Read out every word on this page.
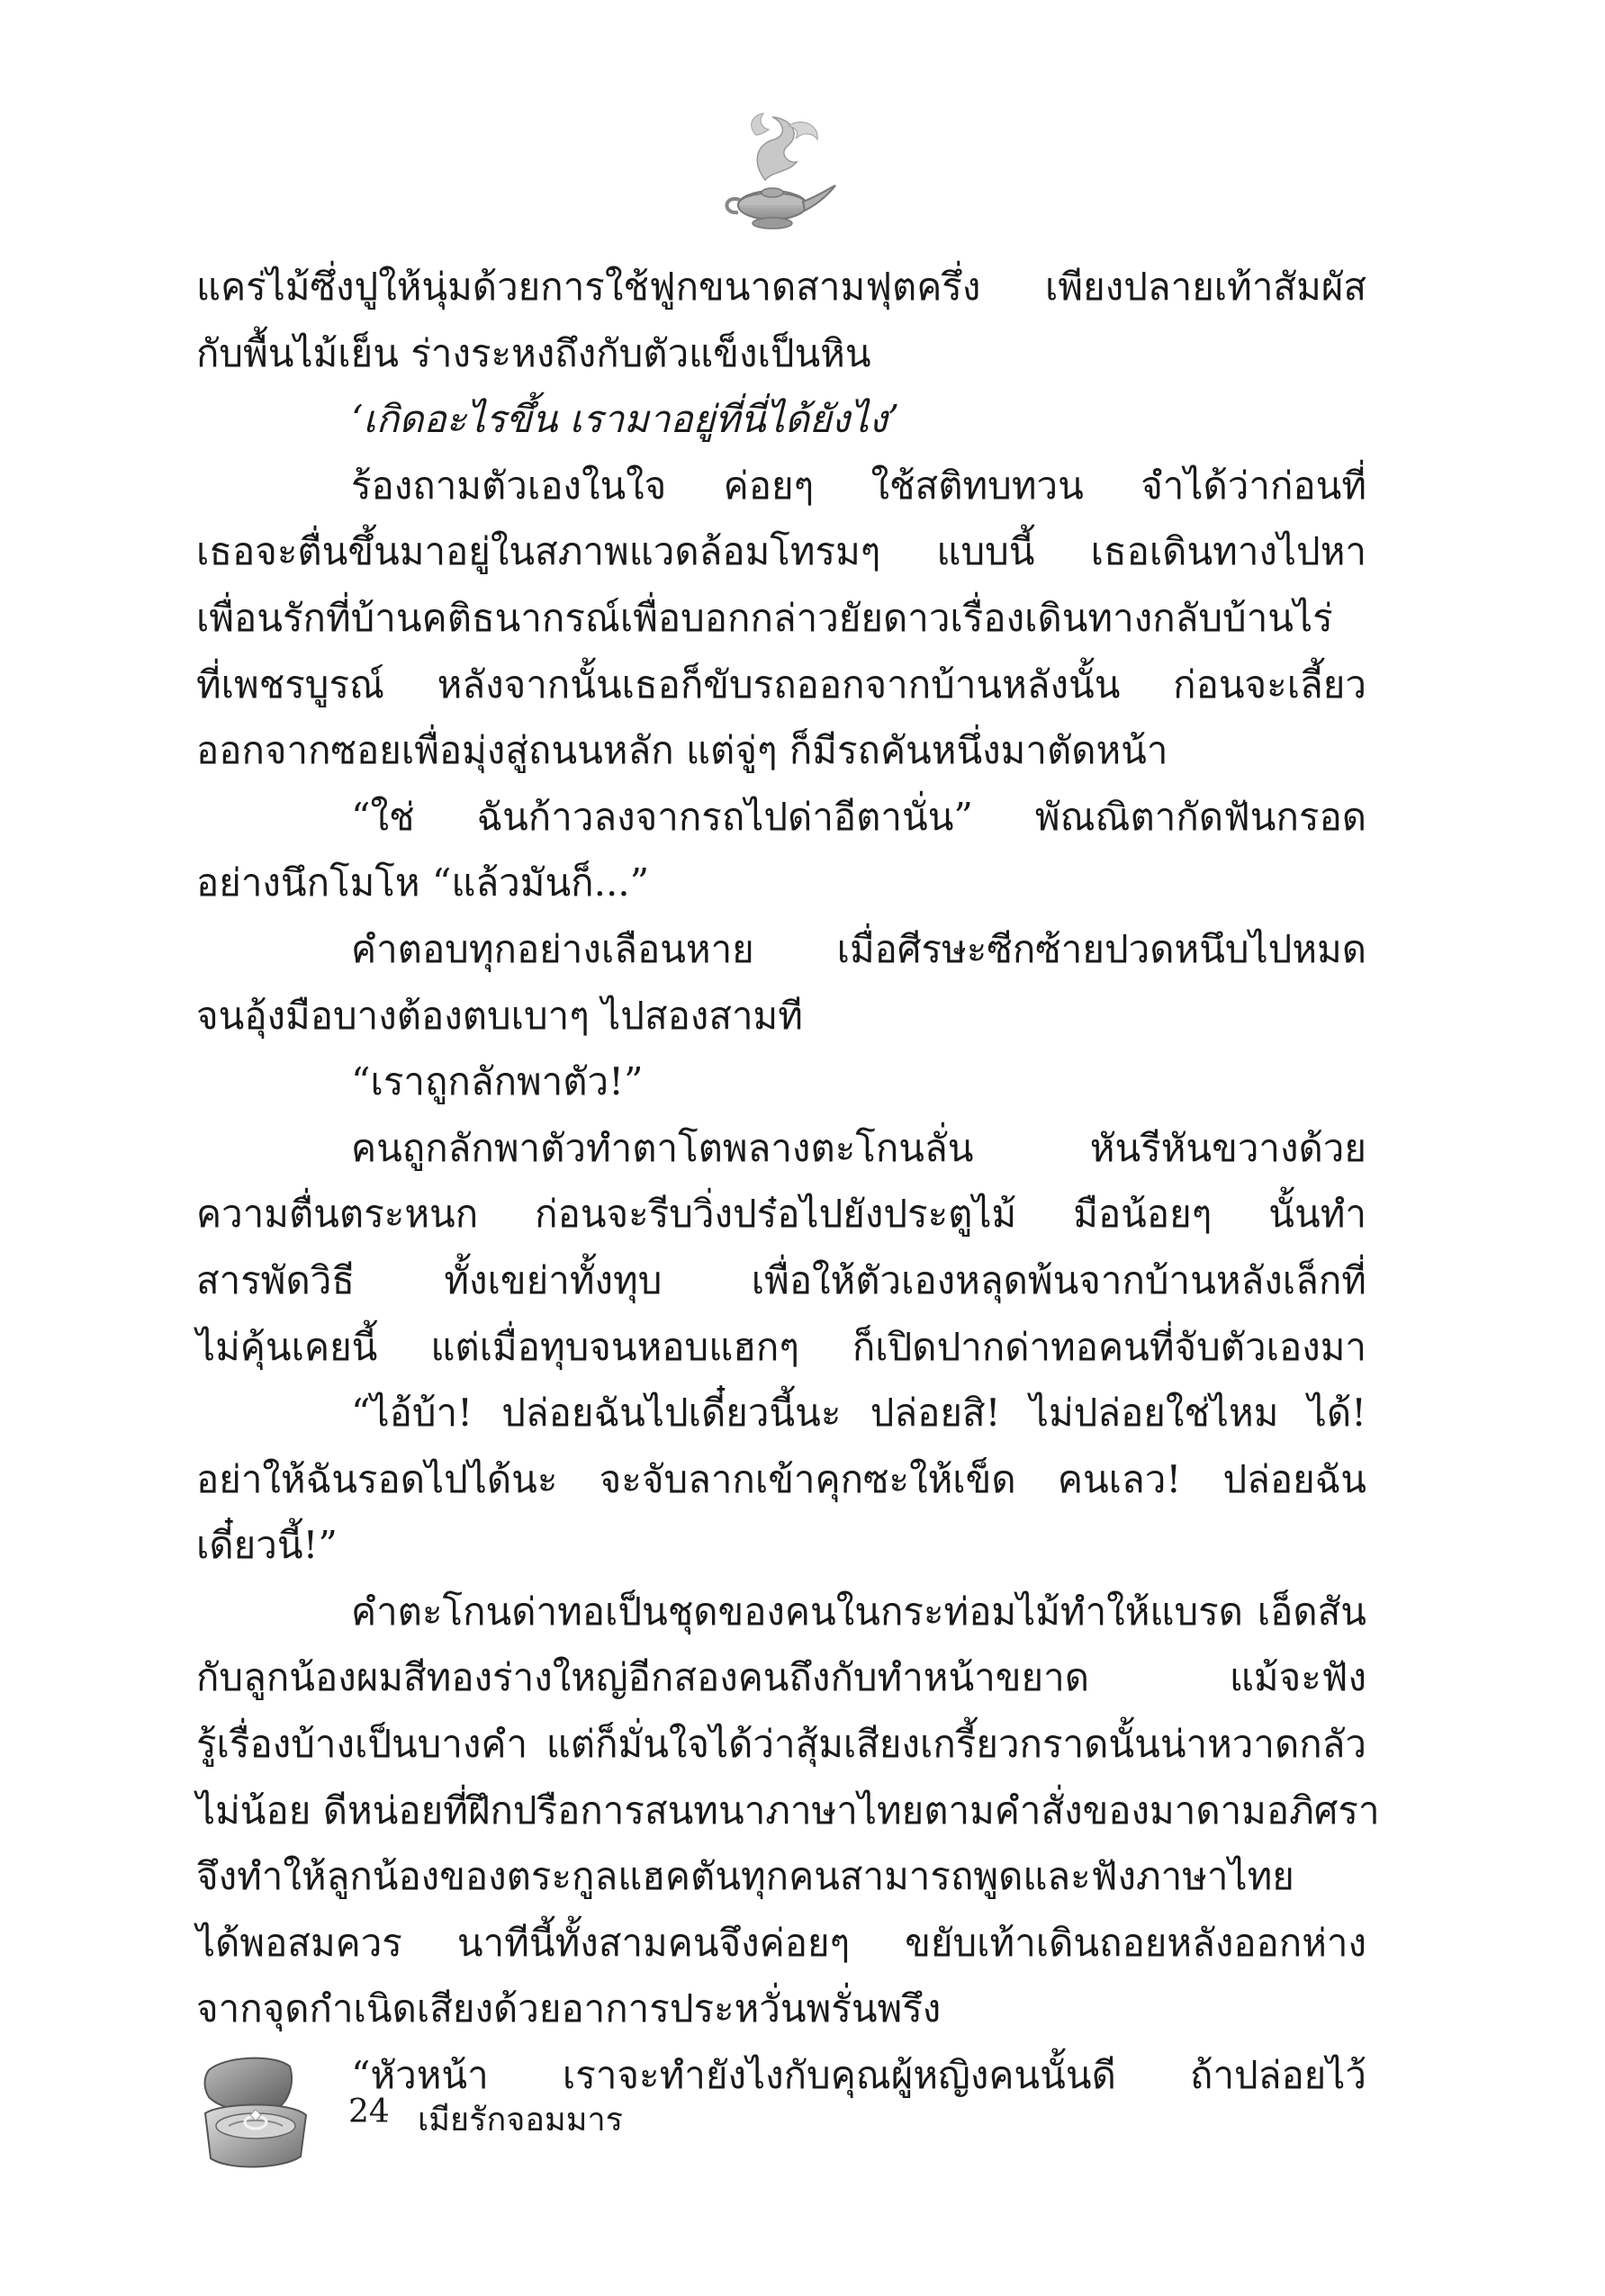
แคร่ไม้ซึ่งปูให้นุ่มด้วยการใช้ฟูกขนาดสามฟุตครึ่ง เพียงปลายเท้าสัมผัส
กับพื้นไม้เย็น ร่างระหงถึงกับตัวแข็งเป็นหิน
‘เกิดอะไรขึ้น เรามาอยู่ที่นี่ได้ยังไง’
ร้องถามตัวเองในใจ ค่อยๆ ใช้สติทบทวน จำได้ว่าก่อนที่
เธอจะตื่นขึ้นมาอยู่ในสภาพแวดล้อมโทรมๆ แบบนี้ เธอเดินทางไปหา
เพื่อนรักที่บ้านคติธนากรณ์เพื่อบอกกล่าวยัยดาวเรื่องเดินทางกลับบ้านไร่
ที่เพชรบูรณ์ หลังจากนั้นเธอก็ขับรถออกจากบ้านหลังนั้น ก่อนจะเลี้ยว
ออกจากซอยเพื่อมุ่งสู่ถนนหลัก แต่จู่ๆ ก็มีรถคันหนึ่งมาตัดหน้า
“ใช่ ฉันก้าวลงจากรถไปด่าอีตานั่น” พัณณิตากัดฟันกรอด
อย่างนึกโมโห “แล้วมันก็...”
คำตอบทุกอย่างเลือนหาย เมื่อศีรษะซีกซ้ายปวดหนึบไปหมด
จนอุ้งมือบางต้องตบเบาๆ ไปสองสามที
“เราถูกลักพาตัว!”
คนถูกลักพาตัวทำตาโตพลางตะโกนลั่น หันรีหันขวางด้วย
ความตื่นตระหนก ก่อนจะรีบวิ่งปร๋อไปยังประตูไม้ มือน้อยๆ นั้นทำ
สารพัดวิธี ทั้งเขย่าทั้งทุบ เพื่อให้ตัวเองหลุดพ้นจากบ้านหลังเล็กที่
ไม่คุ้นเคยนี้ แต่เมื่อทุบจนหอบแฮกๆ ก็เปิดปากด่าทอคนที่จับตัวเองมา
“ไอ้บ้า! ปล่อยฉันไปเดี๋ยวนี้นะ ปล่อยสิ! ไม่ปล่อยใช่ไหม ได้!
อย่าให้ฉันรอดไปได้นะ จะจับลากเข้าคุกซะให้เข็ด คนเลว! ปล่อยฉัน
เดี๋ยวนี้!”
คำตะโกนด่าทอเป็นชุดของคนในกระท่อมไม้ทำให้แบรด เอ็ดสัน
กับลูกน้องผมสีทองร่างใหญ่อีกสองคนถึงกับทำหน้าขยาด แม้จะฟัง
รู้เรื่องบ้างเป็นบางคำ แต่ก็มั่นใจได้ว่าสุ้มเสียงเกรี้ยวกราดนั้นน่าหวาดกลัว
ไม่น้อย ดีหน่อยที่ฝึกปรือการสนทนาภาษาไทยตามคำสั่งของมาดามอภิศรา
จึงทำให้ลูกน้องของตระกูลแฮคตันทุกคนสามารถพูดและฟังภาษาไทย
ได้พอสมควร นาทีนี้ทั้งสามคนจึงค่อยๆ ขยับเท้าเดินถอยหลังออกห่าง
จากจุดกำเนิดเสียงด้วยอาการประหวั่นพรั่นพรึง
“หัวหน้า เราจะทำยังไงกับคุณผู้หญิงคนนั้นดี ถ้าปล่อยไว้
24 เมียรักจอมมาร
